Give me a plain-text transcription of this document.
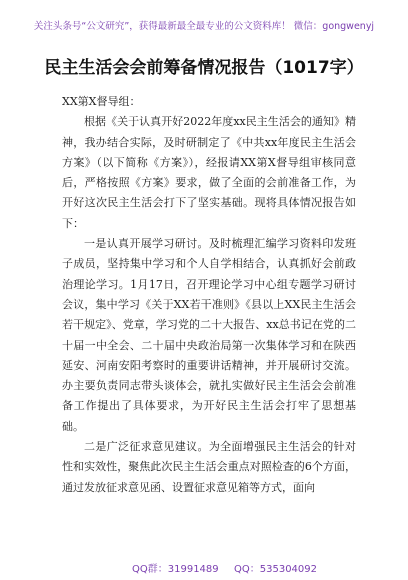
关注头条号“公文研究”，获得最新最全最专业的公文资料库！ 微信：gongwenyj
民主生活会会前筹备情况报告（1017字）

XX第X督导组：

根据《关于认真开好2022年度xx民主生活会的通知》精神，我办结合实际，及时研制定了《中共xx年度民主生活会方案》（以下简称《方案》），经报请XX第X督导组审核同意后，严格按照《方案》要求，做了全面的会前准备工作，为开好这次民主生活会打下了坚实基础。现将具体情况报告如下：

一是认真开展学习研讨。及时梳理汇编学习资料印发班子成员，坚持集中学习和个人自学相结合，认真抓好会前政治理论学习。1月17日，召开理论学习中心组专题学习研讨会议，集中学习《关于XX若干准则》《县以上XX民主生活会若干规定》、党章，学习党的二十大报告、xx总书记在党的二十届一中全会、二十届中央政治局第一次集体学习和在陕西延安、河南安阳考察时的重要讲话精神，并开展研讨交流。办主要负责同志带头谈体会，就扎实做好民主生活会会前准备工作提出了具体要求，为开好民主生活会打牢了思想基础。

二是广泛征求意见建议。为全面增强民主生活会的针对性和实效性，聚焦此次民主生活会重点对照检查的6个方面，通过发放征求意见函、设置征求意见箱等方式，面向

QQ群：31991489 QQ：535304092
